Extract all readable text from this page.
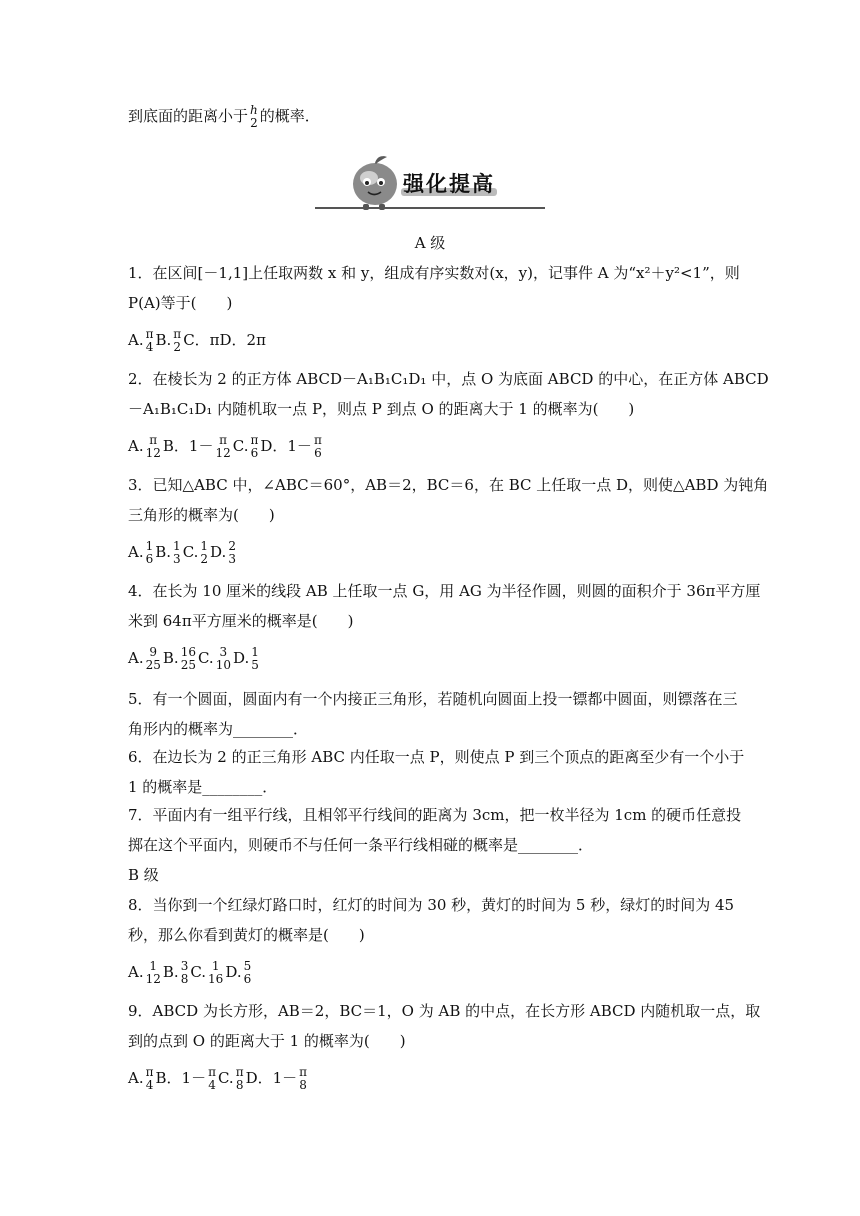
到底面的距离小于 h
2 的概率．
强化提高
A 级
1．在区间[－1,1]上任取两数 x 和 y，组成有序实数对(x，y)，记事件 A 为“x²＋y²<1”，则
P(A)等于(　　)
A. π
4 B. π
2 C．πD．2π
2．在棱长为 2 的正方体 ABCD－A₁B₁C₁D₁ 中，点 O 为底面 ABCD 的中心，在正方体 ABCD
－A₁B₁C₁D₁ 内随机取一点 P，则点 P 到点 O 的距离大于 1 的概率为(　　)
A. π
12 B．1－ π
12 C. π
6 D．1－ π
6
3．已知△ABC 中，∠ABC＝60°，AB＝2，BC＝6，在 BC 上任取一点 D，则使△ABD 为钝角
三角形的概率为(　　)
A. 1
6 B. 1
3 C. 1
2 D. 2
3
4．在长为 10 厘米的线段 AB 上任取一点 G，用 AG 为半径作圆，则圆的面积介于 36π平方厘
米到 64π平方厘米的概率是(　　)
A. 9
25 B. 16
25 C. 3
10 D. 1
5
5．有一个圆面，圆面内有一个内接正三角形，若随机向圆面上投一镖都中圆面，则镖落在三
角形内的概率为________．
6．在边长为 2 的正三角形 ABC 内任取一点 P，则使点 P 到三个顶点的距离至少有一个小于
1 的概率是________．
7．平面内有一组平行线，且相邻平行线间的距离为 3cm，把一枚半径为 1cm 的硬币任意投
掷在这个平面内，则硬币不与任何一条平行线相碰的概率是________．
B 级
8．当你到一个红绿灯路口时，红灯的时间为 30 秒，黄灯的时间为 5 秒，绿灯的时间为 45
秒，那么你看到黄灯的概率是(　　)
A. 1
12 B. 3
8 C. 1
16 D. 5
6
9．ABCD 为长方形，AB＝2，BC＝1，O 为 AB 的中点，在长方形 ABCD 内随机取一点，取
到的点到 O 的距离大于 1 的概率为(　　)
A. π
4 B．1－ π
4 C. π
8 D．1－ π
8
